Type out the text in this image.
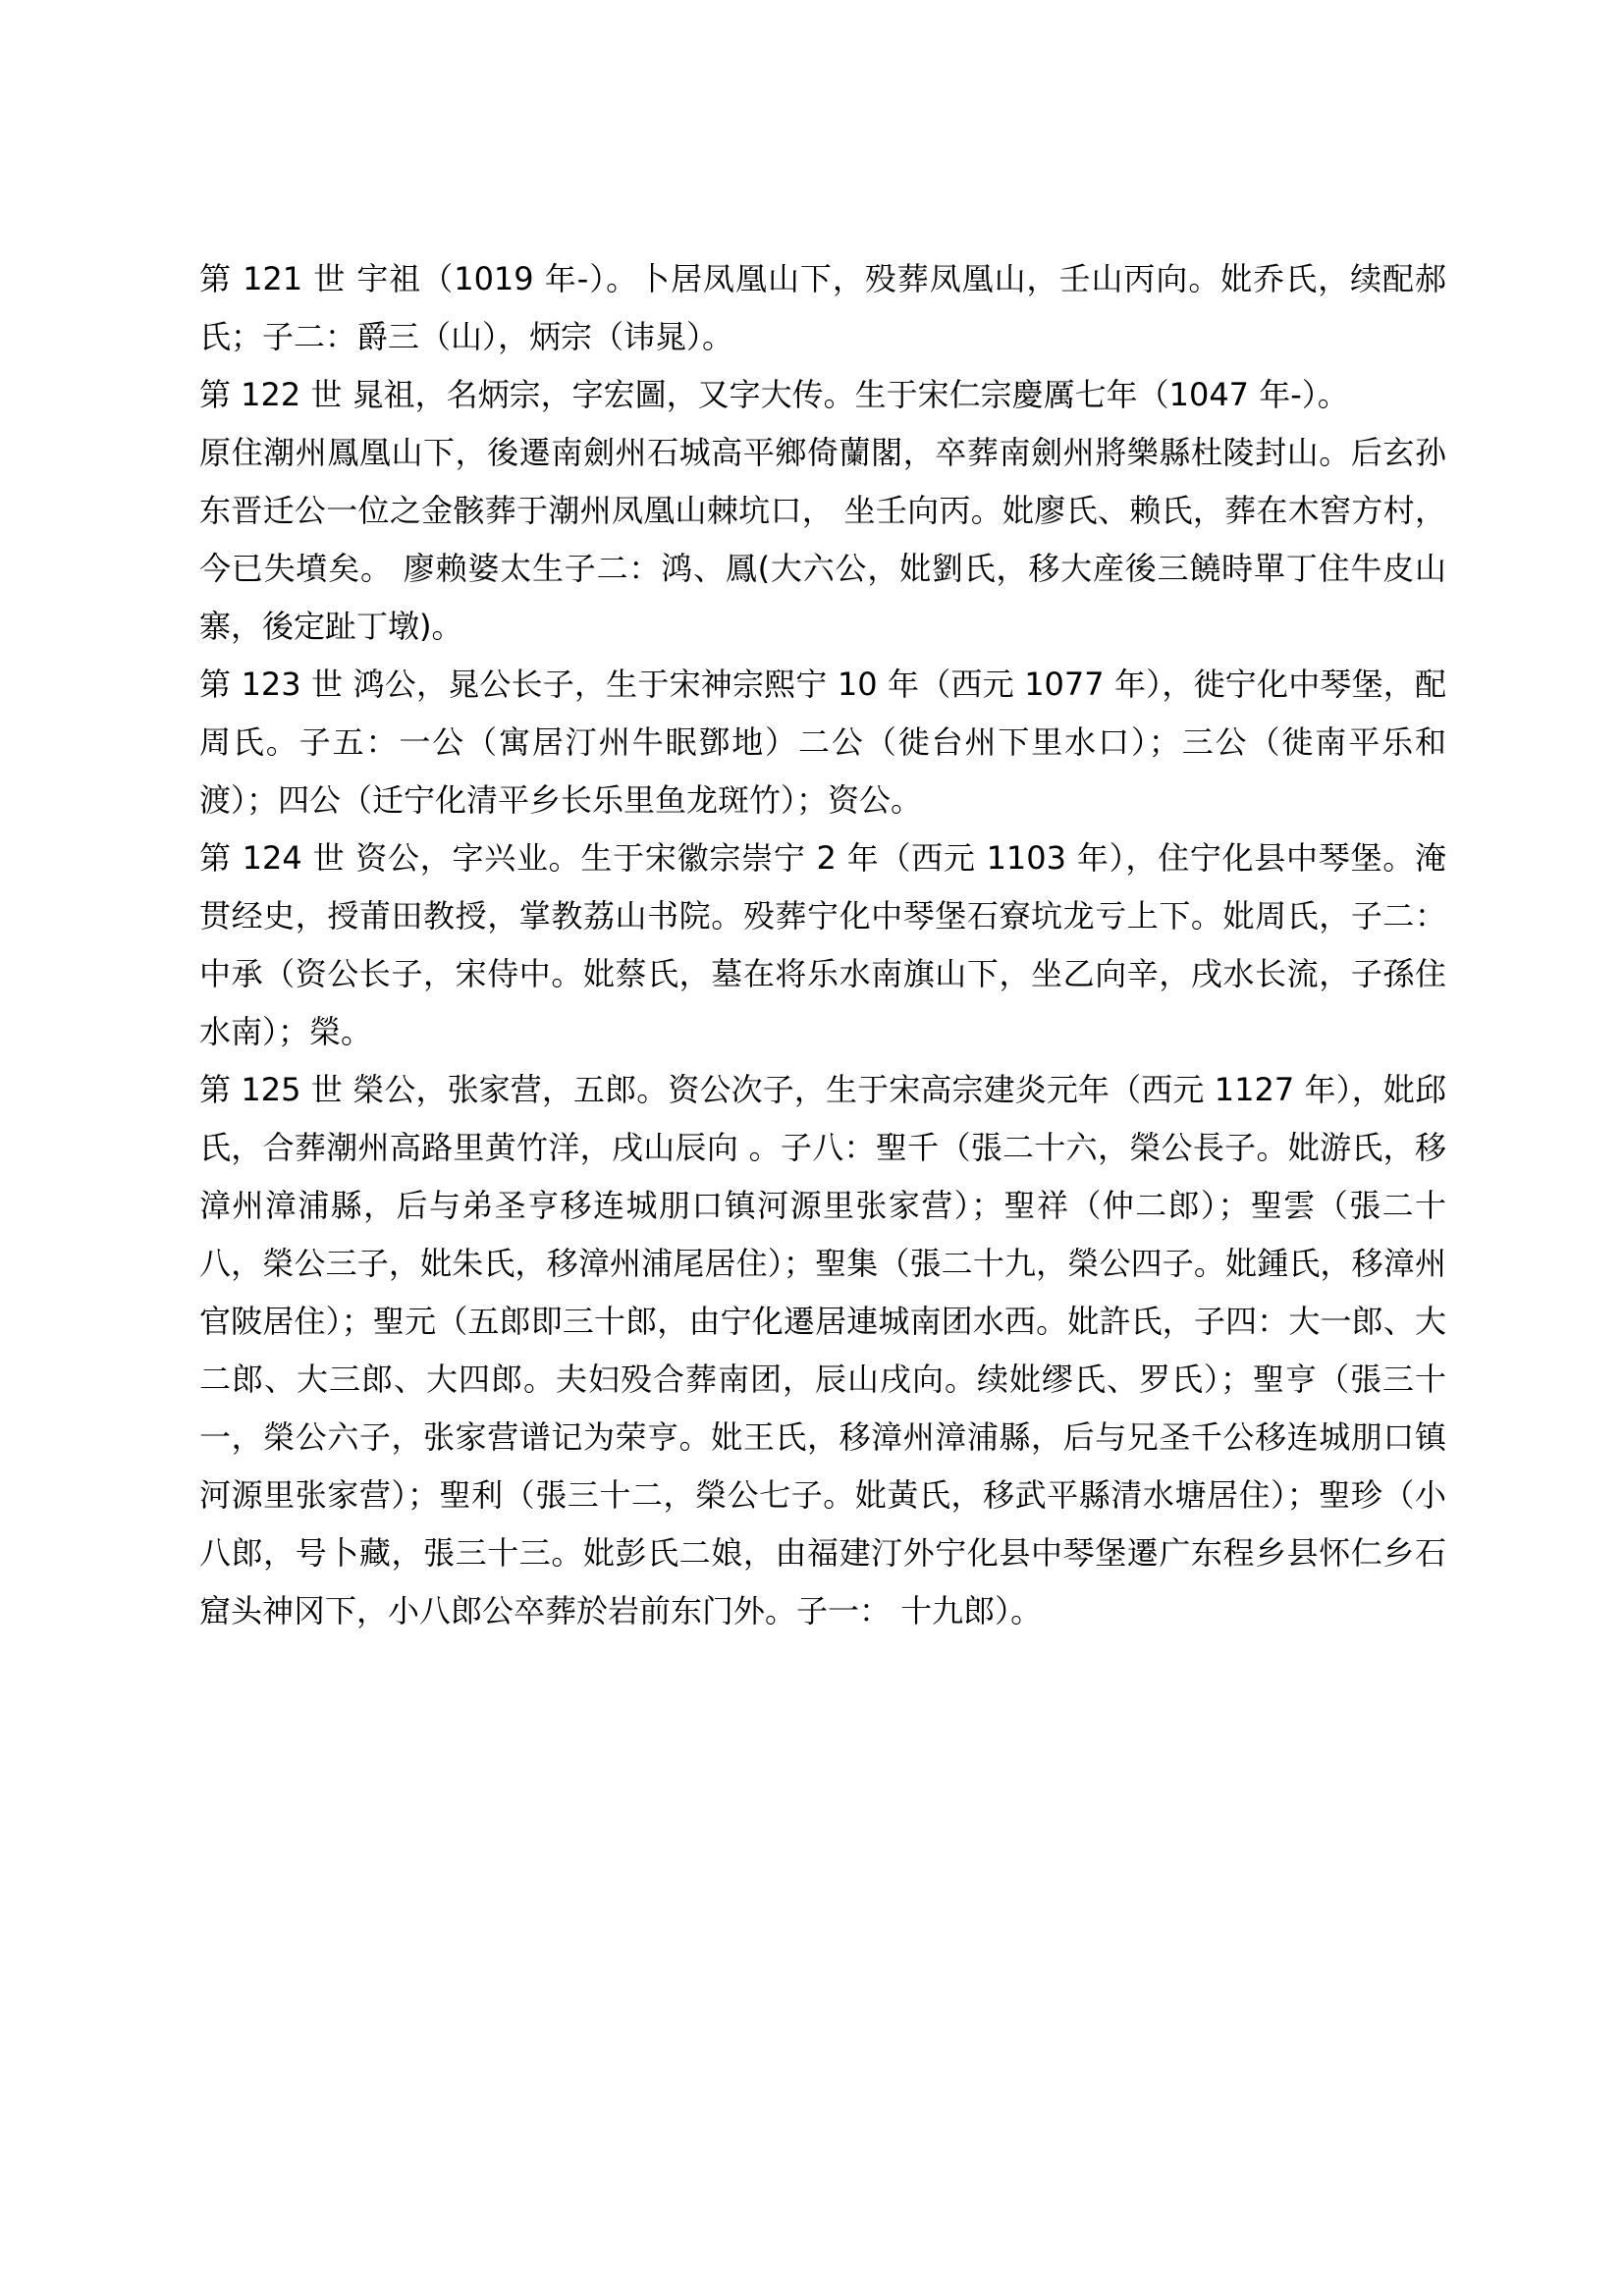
第 121 世 宇祖（1019 年-）。卜居凤凰山下，殁葬凤凰山，壬山丙向。妣乔氏，续配郝氏；子二：爵三（山），炳宗（讳晁）。

第 122 世 晁祖，名炳宗，字宏圖，又字大传。生于宋仁宗慶厲七年（1047 年-）。

原住潮州鳳凰山下，後遷南劍州石城高平鄉倚蘭閣，卒葬南劍州將樂縣杜陵封山。后玄孙东晋迁公一位之金骸葬于潮州凤凰山棘坑口， 坐壬向丙。妣廖氏、赖氏，葬在木窖方村，今已失墳矣。 廖赖婆太生子二：鸿、鳳(大六公，妣劉氏，移大産後三饒時單丁住牛皮山寨，後定趾丁墩)。

第 123 世 鸿公，晁公长子，生于宋神宗熙宁 10 年（西元 1077 年），徙宁化中琴堡，配周氏。子五：一公（寓居汀州牛眠鄧地）二公（徙台州下里水口）；三公（徙南平乐和渡）；四公（迁宁化清平乡长乐里鱼龙斑竹）；资公。

第 124 世 资公，字兴业。生于宋徽宗崇宁 2 年（西元 1103 年），住宁化县中琴堡。淹贯经史，授莆田教授，掌教荔山书院。殁葬宁化中琴堡石寮坑龙亏上下。妣周氏，子二： 中承（资公长子，宋侍中。妣蔡氏，墓在将乐水南旗山下，坐乙向辛，戌水长流，子孫住水南）；榮。

第 125 世 榮公，张家营，五郎。资公次子，生于宋高宗建炎元年（西元 1127 年），妣邱氏，合葬潮州高路里黄竹洋，戌山辰向 。子八：聖千（張二十六，榮公長子。妣游氏，移漳州漳浦縣，后与弟圣亨移连城朋口镇河源里张家营）；聖祥（仲二郎）；聖雲（張二十八，榮公三子，妣朱氏，移漳州浦尾居住）；聖集（張二十九，榮公四子。妣鍾氏，移漳州官陂居住）；聖元（五郎即三十郎，由宁化遷居連城南团水西。妣許氏，子四：大一郎、大二郎、大三郎、大四郎。夫妇殁合葬南团，辰山戌向。续妣缪氏、罗氏）；聖亨（張三十一，榮公六子，张家营谱记为荣亨。妣王氏，移漳州漳浦縣，后与兄圣千公移连城朋口镇河源里张家营）；聖利（張三十二，榮公七子。妣黃氏，移武平縣清水塘居住）；聖珍（小八郎，号卜藏，張三十三。妣彭氏二娘，由福建汀外宁化县中琴堡遷广东程乡县怀仁乡石窟头神冈下，小八郎公卒葬於岩前东门外。子一： 十九郎）。
